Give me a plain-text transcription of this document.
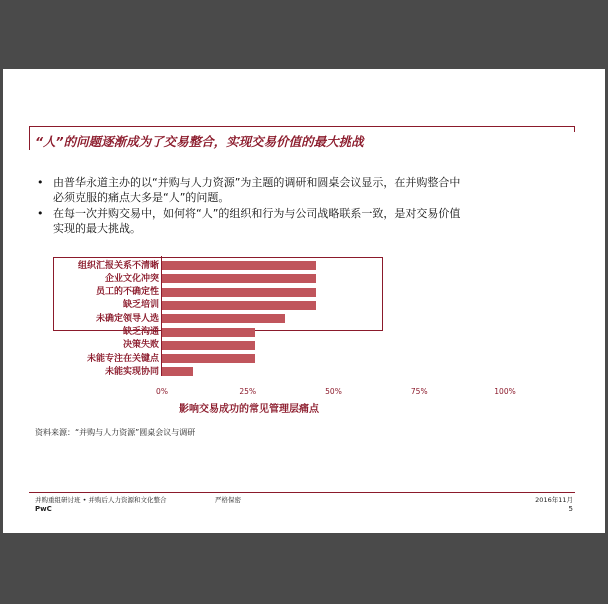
“人”的问题逐渐成为了交易整合，实现交易价值的最大挑战
• 由普华永道主办的以“并购与人力资源”为主题的调研和圆桌会议显示，在并购整合中
必须克服的痛点大多是“人”的问题。
• 在每一次并购交易中，如何将“人”的组织和行为与公司战略联系一致，是对交易价值
实现的最大挑战。
影响交易成功的常见管理层痛点
组织汇报关系不清晰
企业文化冲突
员工的不确定性
缺乏培训
未确定领导人选
缺乏沟通
决策失败
未能专注在关键点
未能实现协同
0%	25%	50%	75%	100%
资料来源：“并购与人力资源”圆桌会议与调研
并购重组研讨班 • 并购后人力资源和文化整合
PwC
严格保密	2016年11月
5
